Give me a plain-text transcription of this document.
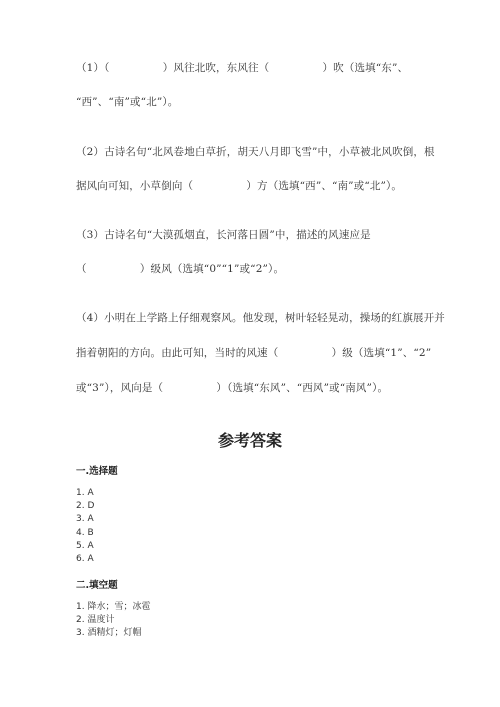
（1）（　　　　　）风往北吹，东风往（　　　　　）吹（选填“东”、
“西”、“南”或“北”）。
（2）古诗名句“北风卷地白草折，胡天八月即飞雪”中，小草被北风吹倒，根
据风向可知，小草倒向（　　　　　）方（选填“西”、“南”或“北”）。
（3）古诗名句“大漠孤烟直，长河落日圆”中，描述的风速应是
（　　　　　）级风（选填“0”“1”或“2”）。
（4）小明在上学路上仔细观察风。他发现，树叶轻轻晃动，操场的红旗展开并
指着朝阳的方向。由此可知，当时的风速（　　　　　）级（选填“1”、“2”
或“3”），风向是（　　　　　）（选填“东风”、“西风”或“南风”）。
参考答案
一.选择题
1. A
2. D
3. A
4. B
5. A
6. A
二.填空题
1. 降水；雪；冰雹
2. 温度计
3. 酒精灯；灯帽
